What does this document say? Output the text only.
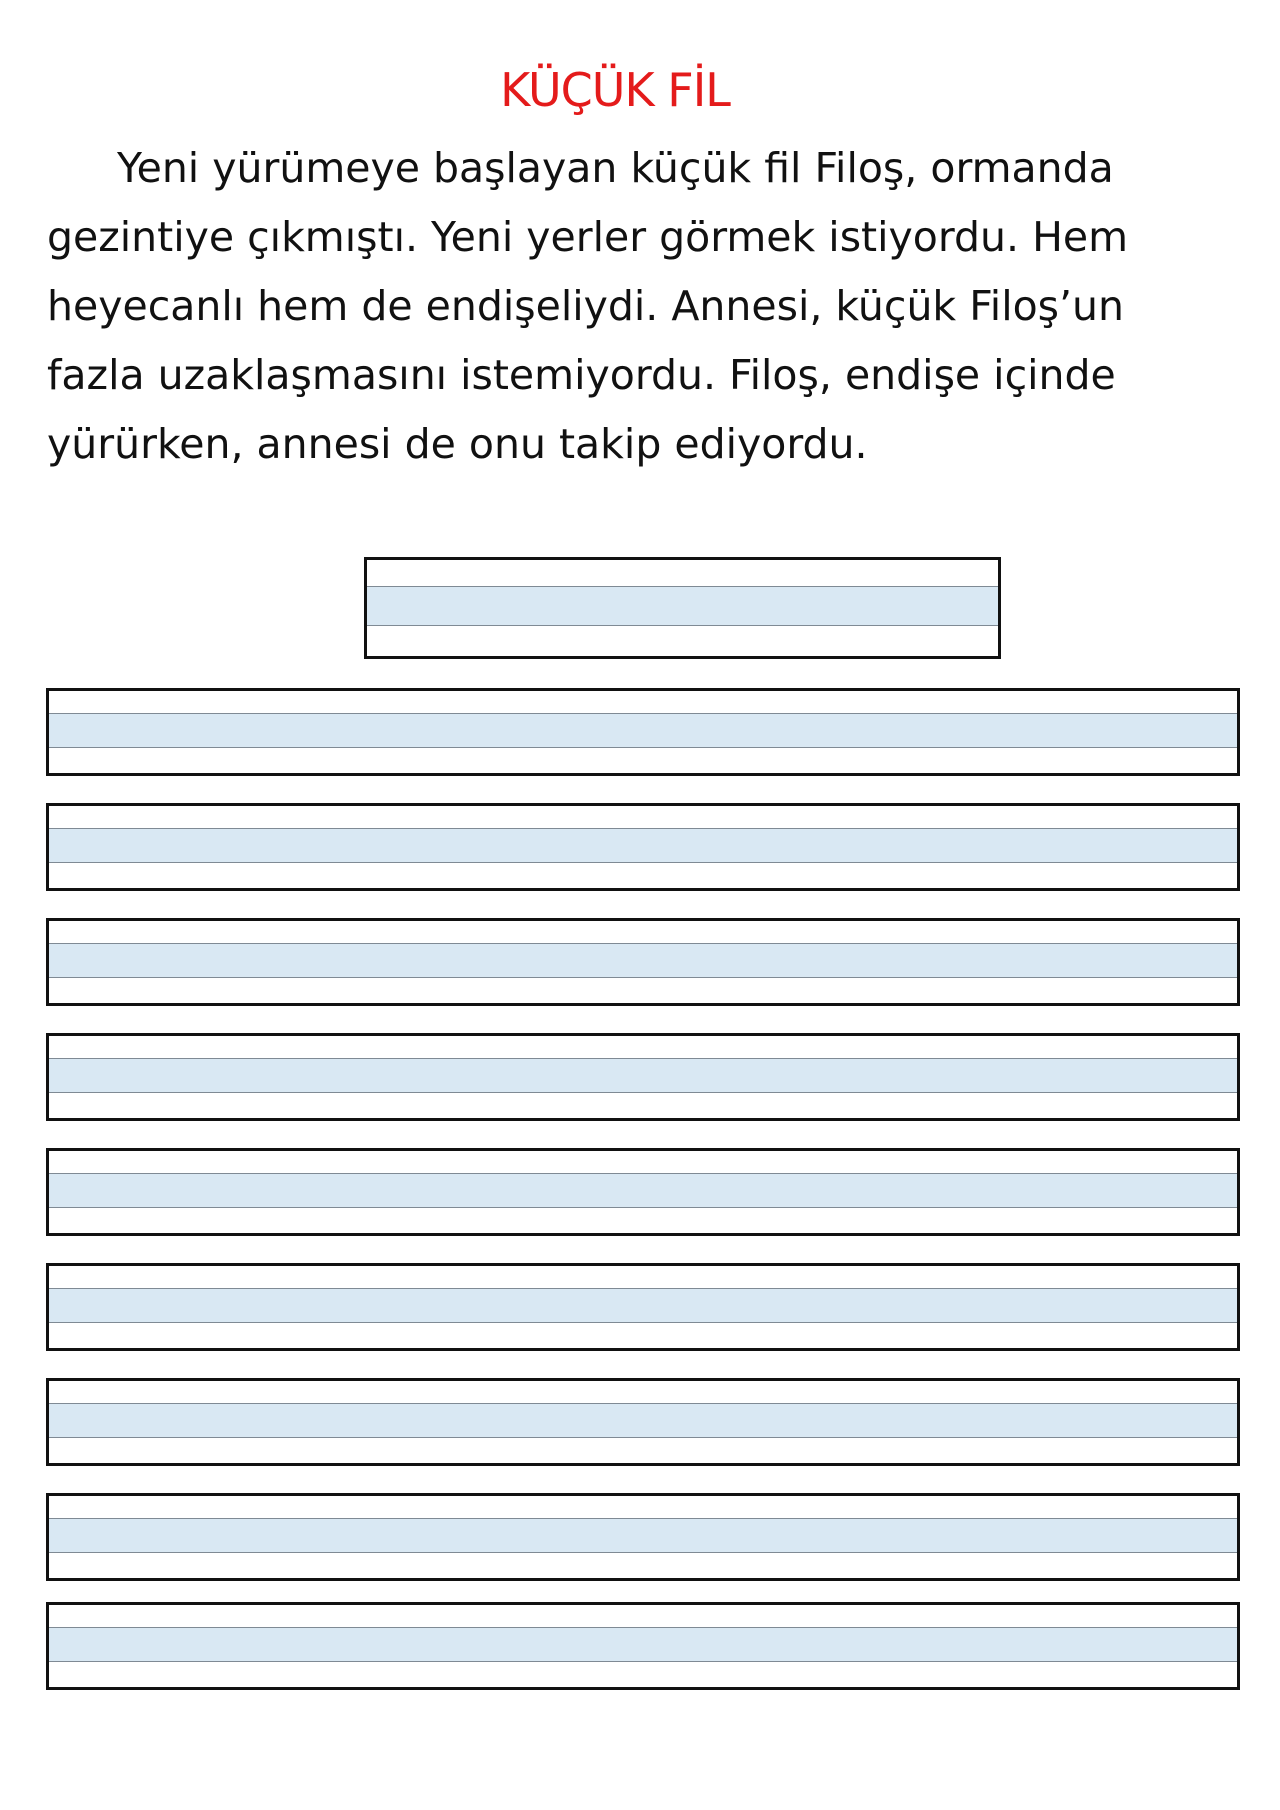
KÜÇÜK FİL
Yeni yürümeye başlayan küçük fil Filoş, ormanda
gezintiye çıkmıştı. Yeni yerler görmek istiyordu. Hem
heyecanlı hem de endişeliydi. Annesi, küçük Filoş’un
fazla uzaklaşmasını istemiyordu. Filoş, endişe içinde
yürürken, annesi de onu takip ediyordu.
